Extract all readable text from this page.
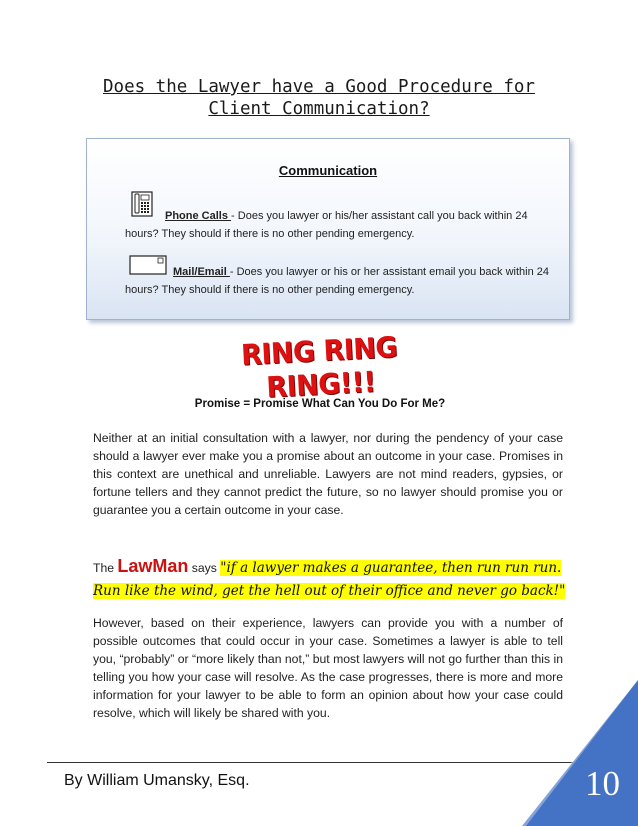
Does the Lawyer have a Good Procedure for
Client Communication?
Communication
Phone Calls - Does you lawyer or his/her assistant call you back within 24 hours? They should if there is no other pending emergency.
Mail/Email - Does you lawyer or his or her assistant email you back within 24 hours? They should if there is no other pending emergency.
RING RING RING!!!
Promise = Promise What Can You Do For Me?
Neither at an initial consultation with a lawyer, nor during the pendency of your case should a lawyer ever make you a promise about an outcome in your case. Promises in this context are unethical and unreliable. Lawyers are not mind readers, gypsies, or fortune tellers and they cannot predict the future, so no lawyer should promise you or guarantee you a certain outcome in your case.
The LawMan says "if a lawyer makes a guarantee, then run run run. Run like the wind, get the hell out of their office and never go back!"
However, based on their experience, lawyers can provide you with a number of possible outcomes that could occur in your case. Sometimes a lawyer is able to tell you, “probably” or “more likely than not,” but most lawyers will not go further than this in telling you how your case will resolve. As the case progresses, there is more and more information for your lawyer to be able to form an opinion about how your case could resolve, which will likely be shared with you.
By William Umansky, Esq.	10
